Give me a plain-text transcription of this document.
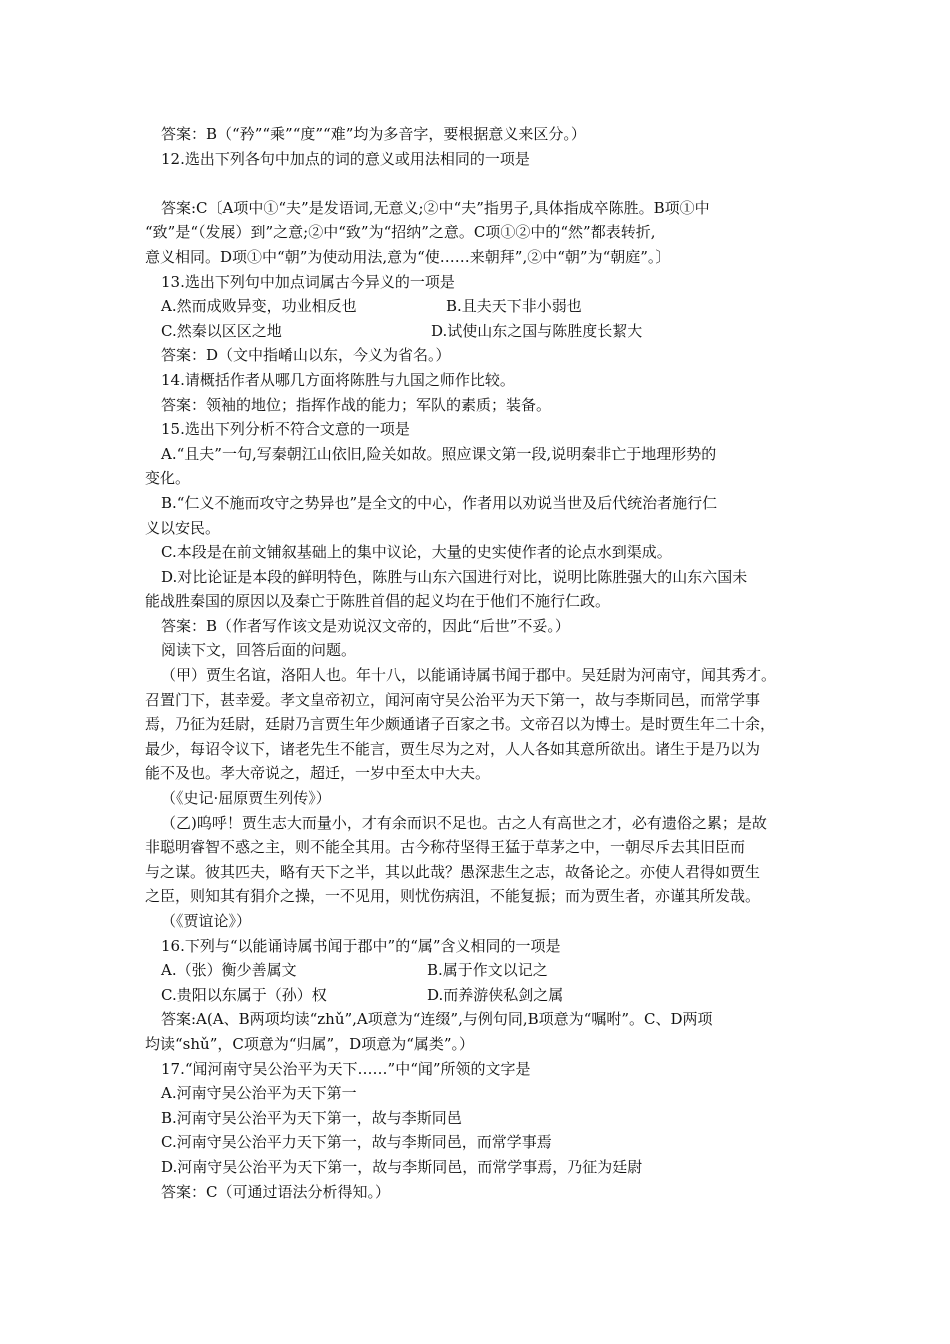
答案：B（“矜”“乘”“度”“难”均为多音字，要根据意义来区分。）
12.选出下列各句中加点的词的意义或用法相同的一项是
答案:C〔A项中①“夫”是发语词,无意义;②中“夫”指男子,具体指成卒陈胜。B项①中
“致”是“（发展）到”之意;②中“致”为“招纳”之意。C项①②中的“然”都表转折,
意义相同。D项①中“朝”为使动用法,意为“使……来朝拜”,②中“朝”为“朝庭”。〕
13.选出下列句中加点词属古今异义的一项是
A.然而成败异变，功业相反也	B.且夫天下非小弱也
C.然秦以区区之地	D.试使山东之国与陈胜度长絜大
答案：D（文中指崤山以东，今义为省名。）
14.请概括作者从哪几方面将陈胜与九国之师作比较。
答案：领袖的地位；指挥作战的能力；军队的素质；装备。
15.选出下列分析不符合文意的一项是
A.“且夫”一句,写秦朝江山依旧,险关如故。照应课文第一段,说明秦非亡于地理形势的
变化。
B.“仁义不施而攻守之势异也”是全文的中心，作者用以劝说当世及后代统治者施行仁
义以安民。
C.本段是在前文铺叙基础上的集中议论，大量的史实使作者的论点水到渠成。
D.对比论证是本段的鲜明特色，陈胜与山东六国进行对比，说明比陈胜强大的山东六国未
能战胜秦国的原因以及秦亡于陈胜首倡的起义均在于他们不施行仁政。
答案：B（作者写作该文是劝说汉文帝的，因此“后世”不妥。）
阅读下文，回答后面的问题。
（甲）贾生名谊，洛阳人也。年十八，以能诵诗属书闻于郡中。吴廷尉为河南守，闻其秀才。
召置门下，甚幸爱。孝文皇帝初立，闻河南守吴公治平为天下第一，故与李斯同邑，而常学事
焉，乃征为廷尉，廷尉乃言贾生年少颇通诸子百家之书。文帝召以为博士。是时贾生年二十余，
最少，每诏令议下，诸老先生不能言，贾生尽为之对，人人各如其意所欲出。诸生于是乃以为
能不及也。孝大帝说之，超迁，一岁中至太中大夫。
（《史记·屈原贾生列传》）
（乙)呜呼！贾生志大而量小，才有余而识不足也。古之人有高世之才，必有遗俗之累；是故
非聪明睿智不惑之主，则不能全其用。古今称苻坚得王猛于草茅之中，一朝尽斥去其旧臣而
与之谋。彼其匹夫，略有天下之半，其以此哉？愚深悲生之志，故备论之。亦使人君得如贾生
之臣，则知其有狷介之操，一不见用，则忧伤病沮，不能复振；而为贾生者，亦谨其所发哉。
（《贾谊论》）
16.下列与“以能诵诗属书闻于郡中”的“属”含义相同的一项是
A.（张）衡少善属文	B.属于作文以记之
C.贵阳以东属于（孙）权	D.而养游侠私剑之属
答案:A(A、B两项均读“zhǔ”,A项意为“连缀”,与例句同,B项意为“嘱咐”。C、D两项
均读“shǔ”，C项意为“归属”，D项意为“属类”。）
17.“闻河南守吴公治平为天下……”中“闻”所领的文字是
A.河南守吴公治平为天下第一
B.河南守吴公治平为天下第一，故与李斯同邑
C.河南守吴公治平力天下第一，故与李斯同邑，而常学事焉
D.河南守吴公治平为天下第一，故与李斯同邑，而常学事焉，乃征为廷尉
答案：C（可通过语法分析得知。）
